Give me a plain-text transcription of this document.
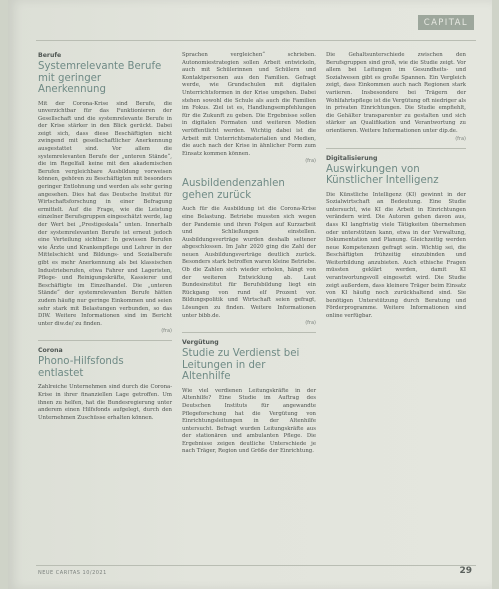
CAPITAL
Berufe
Systemrelevante Berufe mit geringer Anerkennung
Mit der Corona-Krise sind Berufe, die unverzichtbar für das Funktionieren der Gesellschaft und die systemrelevante Berufe in der Krise stärker in den Blick gerückt. Dabei zeigt sich, dass diese Beschäftigten nicht zwingend mit gesellschaftlicher Anerkennung ausgestattet sind. Vor allem die systemrelevanten Berufe der „unteren Stände“, die im Regelfall keine mit den akademischen Berufen vergleichbare Ausbildung vorweisen können, gehören zu Beschäftigten mit besonders geringer Entlohnung und werden als sehr gering angesehen. Dies hat das Deutsche Institut für Wirtschaftsforschung in einer Befragung ermittelt. Auf die Frage, wie die Leistung einzelner Berufsgruppen eingeschätzt werde, lag der Wert bei „Prestigeskala“ unten. Innerhalb der systemrelevanten Berufe ist erneut jedoch eine Verteilung sichtbar: In gewissen Berufen wie Ärzte und Krankenpflege und Lehrer in der Mittelschicht und Bildungs- und Sozialberufe gibt es mehr Anerkennung als bei klassischen Industrieberufen, etwa Fahrer und Lageristen, Pflege- und Reinigungskräfte, Kassierer und Beschäftigte im Einzelhandel. Die „unteren Stände“ der systemrelevanten Berufe hätten zudem häufig nur geringe Einkommen und seien sehr stark mit Belastungen verbunden, so das DIW. Weitere Informationen sind im Bericht unter diw.de/ zu finden.
(fra)
Corona
Phono-Hilfsfonds entlastet
Zahlreiche Unternehmen sind durch die Corona-Krise in ihrer finanziellen Lage getroffen. Um ihnen zu helfen, hat die Bundesregierung unter anderem einen Hilfsfonds aufgelegt, durch den Unternehmen Zuschüsse erhalten können.
Sprachen vergleichen“ schrieben. Autonomiestrategien sollen Arbeit entwickeln, auch mit Schülerinnen und Schülern und Kontaktpersonen aus den Familien. Gefragt werde, wie Grundschulen mit digitalen Unterrichtsformen in der Krise umgehen. Dabei stehen sowohl die Schule als auch die Familien im Fokus. Ziel ist es, Handlungsempfehlungen für die Zukunft zu geben. Die Ergebnisse sollen in digitalen Formaten und weiteren Medien veröffentlicht werden. Wichtig dabei ist die Arbeit mit Unterrichtsmaterialien und Medien, die auch nach der Krise in ähnlicher Form zum Einsatz kommen können.
(fra)
Ausbildendenzahlen gehen zurück
Auch für die Ausbildung ist die Corona-Krise eine Belastung. Betriebe mussten sich wegen der Pandemie und ihren Folgen auf Kurzarbeit und Schließungen einstellen. Ausbildungsverträge wurden deshalb seltener abgeschlossen. Im Jahr 2020 ging die Zahl der neuen Ausbildungsverträge deutlich zurück. Besonders stark betroffen waren kleine Betriebe. Ob die Zahlen sich wieder erholen, hängt von der weiteren Entwicklung ab. Laut Bundesinstitut für Berufsbildung liegt ein Rückgang von rund elf Prozent vor. Bildungspolitik und Wirtschaft seien gefragt, Lösungen zu finden. Weitere Informationen unter bibb.de.
(fra)
Vergütung
Studie zu Verdienst bei Leitungen in der Altenhilfe
Wie viel verdienen Leitungskräfte in der Altenhilfe? Eine Studie im Auftrag des Deutschen Instituts für angewandte Pflegeforschung hat die Vergütung von Einrichtungsleitungen in der Altenhilfe untersucht. Befragt wurden Leitungskräfte aus der stationären und ambulanten Pflege. Die Ergebnisse zeigen deutliche Unterschiede je nach Träger, Region und Größe der Einrichtung.
Die Gehaltsunterschiede zwischen den Berufsgruppen sind groß, wie die Studie zeigt. Vor allem bei Leitungen im Gesundheits- und Sozialwesen gibt es große Spannen. Ein Vergleich zeigt, dass Einkommen auch nach Regionen stark variieren. Insbesondere bei Trägern der Wohlfahrtspflege ist die Vergütung oft niedriger als in privaten Einrichtungen. Die Studie empfiehlt, die Gehälter transparenter zu gestalten und sich stärker an Qualifikation und Verantwortung zu orientieren. Weitere Informationen unter dip.de.
(fra)
Digitalisierung
Auswirkungen von Künstlicher Intelligenz
Die Künstliche Intelligenz (KI) gewinnt in der Sozialwirtschaft an Bedeutung. Eine Studie untersucht, wie KI die Arbeit in Einrichtungen verändern wird. Die Autoren gehen davon aus, dass KI langfristig viele Tätigkeiten übernehmen oder unterstützen kann, etwa in der Verwaltung, Dokumentation und Planung. Gleichzeitig werden neue Kompetenzen gefragt sein. Wichtig sei, die Beschäftigten frühzeitig einzubinden und Weiterbildung anzubieten. Auch ethische Fragen müssten geklärt werden, damit KI verantwortungsvoll eingesetzt wird. Die Studie zeigt außerdem, dass kleinere Träger beim Einsatz von KI häufig noch zurückhaltend sind. Sie benötigen Unterstützung durch Beratung und Förderprogramme. Weitere Informationen sind online verfügbar.
NEUE CARITAS 10/2021	29
